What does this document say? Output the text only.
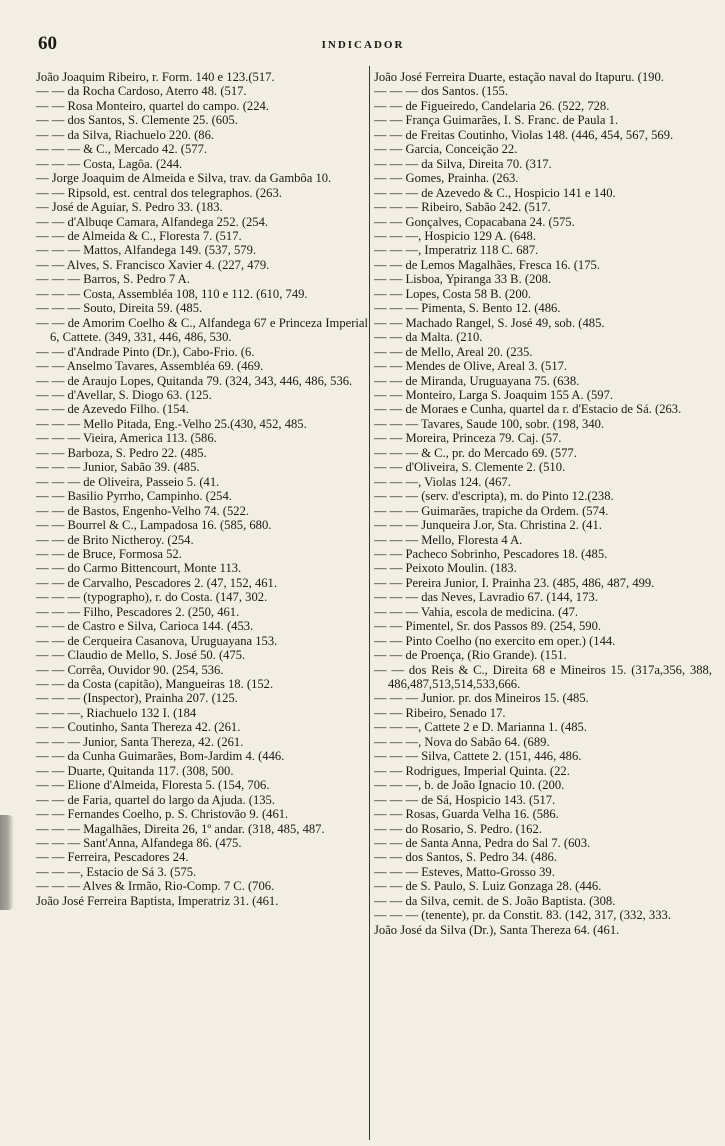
60	INDICADOR

João Joaquim Ribeiro, r. Form. 140 e 123.(517.

— — da Rocha Cardoso, Aterro 48. (517.

— — Rosa Monteiro, quartel do campo. (224.

— — dos Santos, S. Clemente 25. (605.

— — da Silva, Riachuelo 220. (86.

— — — & C., Mercado 42. (577.

— — — Costa, Lagôa. (244.

— Jorge Joaquim de Almeida e Silva, trav. da Gambôa 10.

— — Ripsold, est. central dos telegraphos. (263.

— José de Aguiar, S. Pedro 33. (183.

— — d'Albuqe Camara, Alfandega 252. (254.

— — de Almeida & C., Floresta 7. (517.

— — — Mattos, Alfandega 149. (537, 579.

— — Alves, S. Francisco Xavier 4. (227, 479.

— — — Barros, S. Pedro 7 A.

— — — Costa, Assembléa 108, 110 e 112. (610, 749.

— — — Souto, Direita 59. (485.

— — de Amorim Coelho & C., Alfandega 67 e Princeza Imperial 6, Cattete. (349, 331, 446, 486, 530.

— — d'Andrade Pinto (Dr.), Cabo-Frio. (6.

— — Anselmo Tavares, Assembléa 69. (469.

— — de Araujo Lopes, Quitanda 79. (324, 343, 446, 486, 536.

— — d'Avellar, S. Diogo 63. (125.

— — de Azevedo Filho. (154.

— — — Mello Pitada, Eng.-Velho 25.(430, 452, 485.

— — — Vieira, America 113. (586.

— — Barboza, S. Pedro 22. (485.

— — — Junior, Sabão 39. (485.

— — — de Oliveira, Passeio 5. (41.

— — Basilio Pyrrho, Campinho. (254.

— — de Bastos, Engenho-Velho 74. (522.

— — Bourrel & C., Lampadosa 16. (585, 680.

— — de Brito Nictheroy. (254.

— — de Bruce, Formosa 52.

— — do Carmo Bittencourt, Monte 113.

— — de Carvalho, Pescadores 2. (47, 152, 461.

— — — (typographo), r. do Costa. (147, 302.

— — — Filho, Pescadores 2. (250, 461.

— — de Castro e Silva, Carioca 144. (453.

— — de Cerqueira Casanova, Uruguayana 153.

— — Claudio de Mello, S. José 50. (475.

— — Corrêa, Ouvidor 90. (254, 536.

— — da Costa (capitão), Mangueiras 18. (152.

— — — (Inspector), Prainha 207. (125.

— — —, Riachuelo 132 I. (184

— — Coutinho, Santa Thereza 42. (261.

— — — Junior, Santa Thereza, 42. (261.

— — da Cunha Guimarães, Bom-Jardim 4. (446.

— — Duarte, Quitanda 117. (308, 500.

— — Elione d'Almeida, Floresta 5. (154, 706.

— — de Faria, quartel do largo da Ajuda. (135.

— — Fernandes Coelho, p. S. Christovão 9. (461.

— — — Magalhães, Direita 26, 1º andar. (318, 485, 487.

— — — Sant'Anna, Alfandega 86. (475.

— — Ferreira, Pescadores 24.

— — —, Estacio de Sá 3. (575.

— — — Alves & Irmão, Rio-Comp. 7 C. (706.

João José Ferreira Baptista, Imperatriz 31. (461.

João José Ferreira Duarte, estação naval do Itapuru. (190.

— — — dos Santos. (155.

— — de Figueiredo, Candelaria 26. (522, 728.

— — França Guimarães, I. S. Franc. de Paula 1.

— — de Freitas Coutinho, Violas 148. (446, 454, 567, 569.

— — Garcia, Conceição 22.

— — — da Silva, Direita 70. (317.

— — Gomes, Prainha. (263.

— — — de Azevedo & C., Hospicio 141 e 140.

— — — Ribeiro, Sabão 242. (517.

— — Gonçalves, Copacabana 24. (575.

— — —, Hospicio 129 A. (648.

— — —, Imperatriz 118 C. 687.

— — de Lemos Magalhães, Fresca 16. (175.

— — Lisboa, Ypiranga 33 B. (208.

— — Lopes, Costa 58 B. (200.

— — — Pimenta, S. Bento 12. (486.

— — Machado Rangel, S. José 49, sob. (485.

— — da Malta. (210.

— — de Mello, Areal 20. (235.

— — Mendes de Olive, Areal 3. (517.

— — de Miranda, Uruguayana 75. (638.

— — Monteiro, Larga S. Joaquim 155 A. (597.

— — de Moraes e Cunha, quartel da r. d'Estacio de Sá. (263.

— — — Tavares, Saude 100, sobr. (198, 340.

— — Moreira, Princeza 79. Caj. (57.

— — — & C., pr. do Mercado 69. (577.

— — d'Oliveira, S. Clemente 2. (510.

— — —, Violas 124. (467.

— — — (serv. d'escripta), m. do Pinto 12.(238.

— — — Guimarães, trapiche da Ordem. (574.

— — — Junqueira J.or, Sta. Christina 2. (41.

— — — Mello, Floresta 4 A.

— — Pacheco Sobrinho, Pescadores 18. (485.

— — Peixoto Moulin. (183.

— — Pereira Junior, I. Prainha 23. (485, 486, 487, 499.

— — — das Neves, Lavradio 67. (144, 173.

— — — Vahia, escola de medicina. (47.

— — Pimentel, Sr. dos Passos 89. (254, 590.

— — Pinto Coelho (no exercito em oper.) (144.

— — de Proença, (Rio Grande). (151.

— — dos Reis & C., Direita 68 e Mineiros 15. (317a,356, 388, 486,487,513,514,533,666.

— — — Junior. pr. dos Mineiros 15. (485.

— — Ribeiro, Senado 17.

— — —, Cattete 2 e D. Marianna 1. (485.

— — —, Nova do Sabão 64. (689.

— — — Silva, Cattete 2. (151, 446, 486.

— — Rodrigues, Imperial Quinta. (22.

— — —, b. de João Ignacio 10. (200.

— — — de Sá, Hospicio 143. (517.

— — Rosas, Guarda Velha 16. (586.

— — do Rosario, S. Pedro. (162.

— — de Santa Anna, Pedra do Sal 7. (603.

— — dos Santos, S. Pedro 34. (486.

— — — Esteves, Matto-Grosso 39.

— — de S. Paulo, S. Luiz Gonzaga 28. (446.

— — da Silva, cemit. de S. João Baptista. (308.

— — — (tenente), pr. da Constit. 83. (142, 317, (332, 333.

João José da Silva (Dr.), Santa Thereza 64. (461.
